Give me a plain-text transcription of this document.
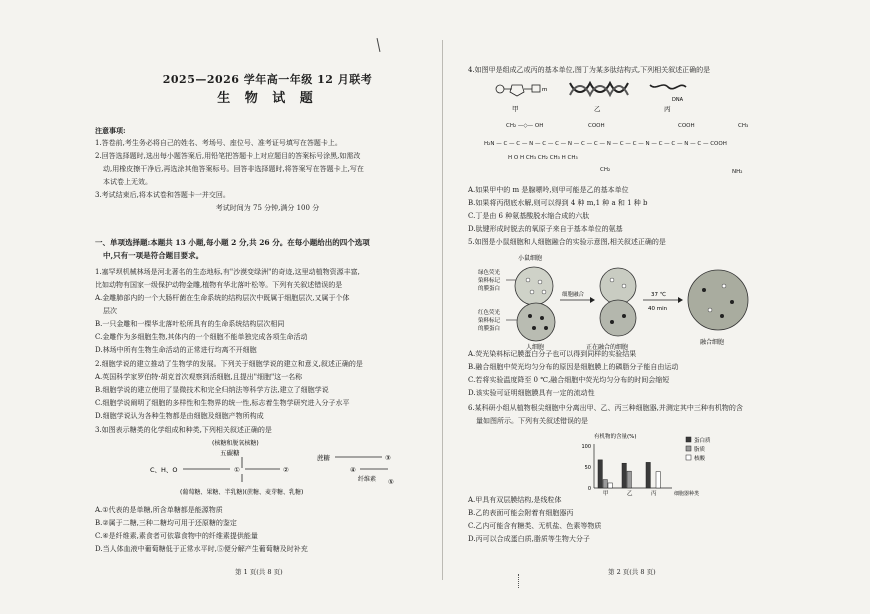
2025—2026 学年高一年级 12 月联考

生 物 试 题

注意事项:

1.答卷前,考生务必将自己的姓名、考场号、座位号、准考证号填写在答题卡上。

2.回答选择题时,选出每小题答案后,用铅笔把答题卡上对应题目的答案标号涂黑,如需改

动,用橡皮擦干净后,再选涂其他答案标号。回答非选择题时,将答案写在答题卡上,写在

本试卷上无效。

3.考试结束后,将本试卷和答题卡一并交回。

考试时间为 75 分钟,满分 100 分

一、单项选择题:本题共 13 小题,每小题 2 分,共 26 分。在每小题给出的四个选项

中,只有一项是符合题目要求。

1.塞罕坝机械林场是河北著名的生态地标,有"沙漠变绿洲"的奇迹,这里动植物资源丰富,

比如动物有国家一级保护动物金雕,植物有华北落叶松等。下列有关叙述错误的是

A.金雕肺部内的一个大肠杆菌在生命系统的结构层次中既属于细胞层次,又属于个体

层次

B.一只金雕和一棵华北落叶松所具有的生命系统结构层次相同

C.金雕作为多细胞生物,其体内的一个细胞不能单独完成各项生命活动

D.林场中所有生物生命活动的正常进行均离不开细胞

2.细胞学说的建立推动了生物学的发展。下列关于细胞学说的建立和意义,叙述正确的是

A.英国科学家罗伯特·胡克首次观察到活细胞,且提出"细胞"这一名称

B.细胞学说的建立使用了显微技术和完全归纳法等科学方法,建立了细胞学说

C.细胞学说阐明了细胞的多样性和生物界的统一性,标志着生物学研究进入分子水平

D.细胞学说认为各种生物都是由细胞及细胞产物所构成

3.如图表示糖类的化学组成和种类,下列相关叙述正确的是

(核糖和脱氧核糖)
五碳糖
C、H、O	①	②
蔗糖	③
④
纤维素 ⑤
(葡萄糖、果糖、半乳糖)(蔗糖、麦芽糖、乳糖)

A.①代表的是单糖,所含单糖都是能源物质

B.②属于二糖,三种二糖均可用于还原糖的鉴定

C.④是纤维素,素食者可依靠食物中的纤维素提供能量

D.当人体血液中葡萄糖低于正常水平时,⑤便分解产生葡萄糖及时补充

第 1 页(共 8 页)

4.如图甲是组成乙或丙的基本单位,图丁为某多肽结构式,下列相关叙述正确的是

m
甲	乙
DNA
丙
H₂N — C — C — N — C — C — N — C — C — N — C — C — N — C — C — N — C — COOH
CH₂ —◇— OH	COOH	COOH	CH₃
H O H CH₃ CH₂ CH₃ H CH₃
CH₂	NH₂

A.如果甲中的 m 是腺嘌呤,则甲可能是乙的基本单位

B.如果将丙彻底水解,则可以得到 4 种 m,1 种 a 和 1 种 b

C.丁是由 6 种氨基酸脱水缩合成的六肽

D.肽键形成时脱去的氧原子来自于基本单位的氨基

5.如图是小鼠细胞和人细胞融合的实验示意图,相关叙述正确的是

小鼠细胞
绿色荧光
染料标记
的膜蛋白
红色荧光
染料标记
的膜蛋白
人细胞
细胞融合
正在融合的细胞
37 ℃
40 min
融合细胞

A.荧光染料标记膜蛋白分子也可以得到同样的实验结果

B.融合细胞中荧光均匀分布的原因是细胞膜上的磷脂分子能自由运动

C.若将实验温度降至 0 ℃,融合细胞中荧光均匀分布的时间会缩短

D.该实验可证明细胞膜具有一定的流动性

6.某科研小组从植物根尖细胞中分离出甲、乙、丙三种细胞器,并测定其中三种有机物的含

量如图所示。下列有关叙述错误的是

有机物的含量(%)
0
50
100
甲	乙	丙	细胞器种类
蛋白质
脂质
核酸

A.甲具有双层膜结构,是线粒体

B.乙的表面可能会附着有细胞器丙

C.乙内可能含有糖类、无机盐、色素等物质

D.丙可以合成蛋白质,脂质等生物大分子

第 2 页(共 8 页)
